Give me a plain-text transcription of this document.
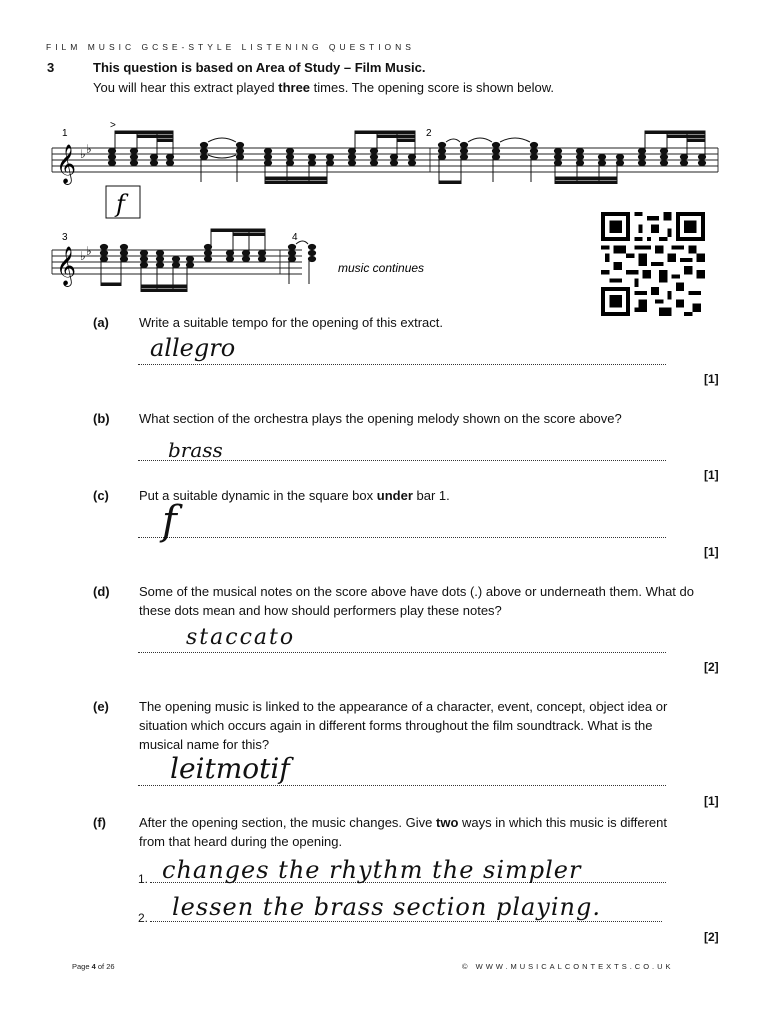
FILM MUSIC GCSE-STYLE LISTENING QUESTIONS
3	This question is based on Area of Study – Film Music.
You will hear this extract played three times. The opening score is shown below.
𝄞 ♭ ♭
1	2
>
f
𝄞 ♭ ♭
3	4
music continues
(a)	Write a suitable tempo for the opening of this extract.
allegro
[1]
(b)	What section of the orchestra plays the opening melody shown on the score above?
brass
[1]
(c)	Put a suitable dynamic in the square box under bar 1.
f
[1]
(d)	Some of the musical notes on the score above have dots (.) above or underneath them. What do these dots mean and how should performers play these notes?
staccato
[2]
(e)	The opening music is linked to the appearance of a character, event, concept, object idea or situation which occurs again in different forms throughout the film soundtrack. What is the musical name for this?
leitmotif
[1]
(f)	After the opening section, the music changes. Give two ways in which this music is different from that heard during the opening.
1. changes the rhythm the simpler
2. lessen the brass section playing.
[2]
Page 4 of 26	© WWW.MUSICALCONTEXTS.CO.UK
